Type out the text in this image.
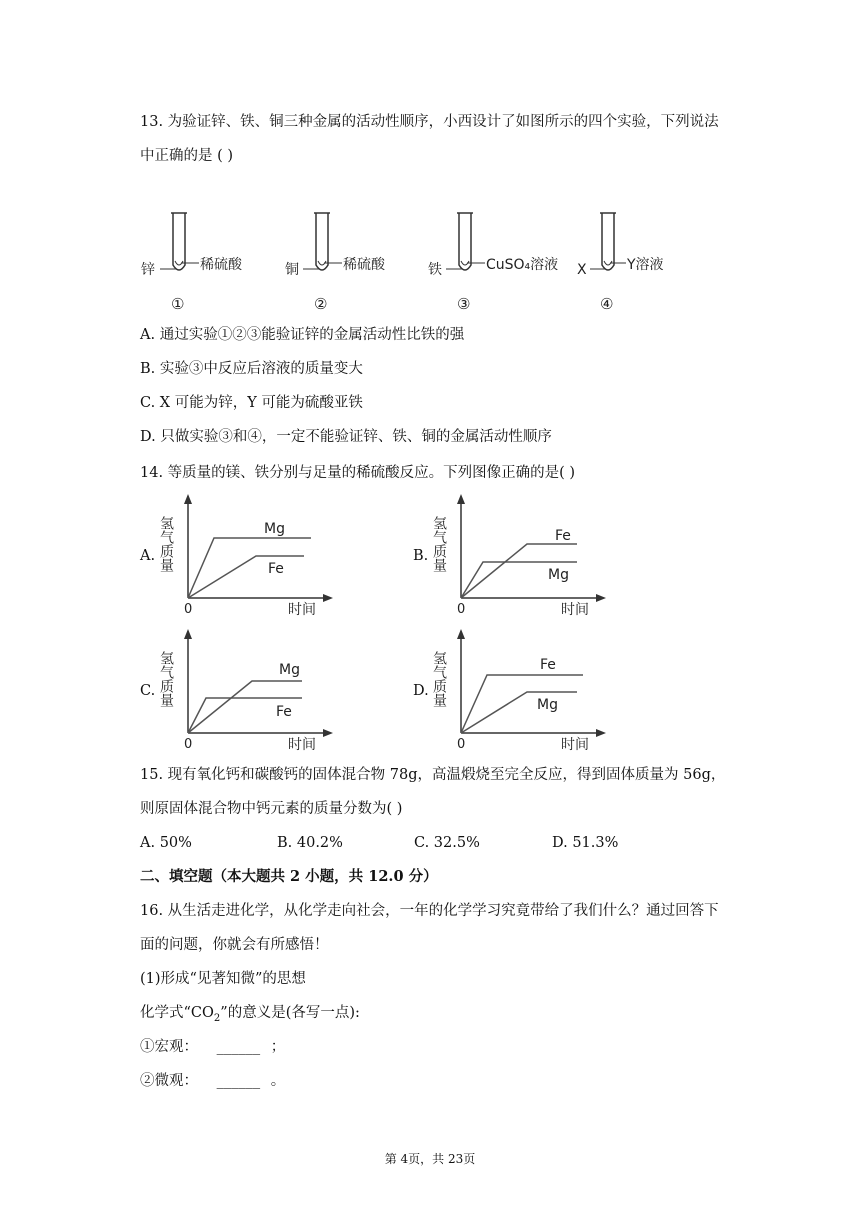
13. 为验证锌、铁、铜三种金属的活动性顺序，小西设计了如图所示的四个实验，下列说法
中正确的是 ( )
锌	稀硫酸
①
铜	稀硫酸
②
铁	CuSO₄溶液
③
X	Y溶液
④
A. 通过实验①②③能验证锌的金属活动性比铁的强
B. 实验③中反应后溶液的质量变大
C. X 可能为锌，Y 可能为硫酸亚铁
D. 只做实验③和④，一定不能验证锌、铁、铜的金属活动性顺序
14. 等质量的镁、铁分别与足量的稀硫酸反应。下列图像正确的是( )
A. 氢气质量	Mg
Fe
0	时间
B. 氢气质量	Fe
Mg
0	时间
C. 氢气质量	Mg
Fe
0	时间
D. 氢气质量	Fe
Mg
0	时间
15. 现有氧化钙和碳酸钙的固体混合物 78g，高温煅烧至完全反应，得到固体质量为 56g，
则原固体混合物中钙元素的质量分数为( )
A. 50%	B. 40.2%	C. 32.5%	D. 51.3%
二、填空题（本大题共 2 小题，共 12.0 分）
16. 从生活走进化学，从化学走向社会，一年的化学学习究竟带给了我们什么？通过回答下
面的问题，你就会有所感悟！
(1)形成“见著知微”的思想
化学式“$CO_2$”的意义是(各写一点):
①宏观： ______ ；
②微观： ______ 。
第 4页，共 23页
